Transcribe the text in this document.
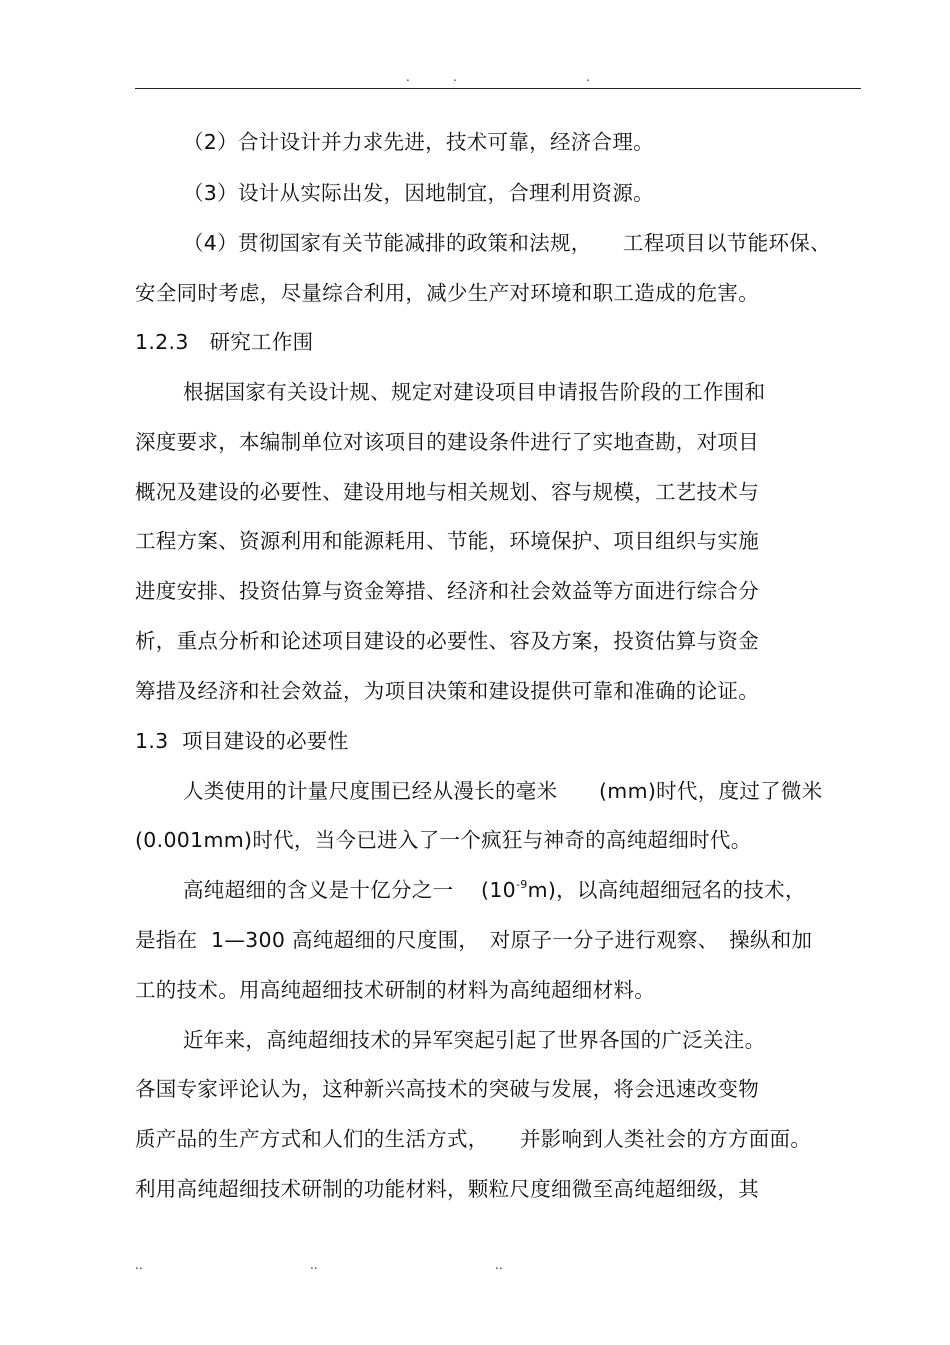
.	.	.
（2）合计设计并力求先进，技术可靠，经济合理。
（3）设计从实际出发，因地制宜，合理利用资源。
（4）贯彻国家有关节能减排的政策和法规，　　工程项目以节能环保、
安全同时考虑，尽量综合利用，减少生产对环境和职工造成的危害。
1.2.3　研究工作围
根据国家有关设计规、规定对建设项目申请报告阶段的工作围和
深度要求，本编制单位对该项目的建设条件进行了实地查勘，对项目
概况及建设的必要性、建设用地与相关规划、容与规模，工艺技术与
工程方案、资源利用和能源耗用、节能，环境保护、项目组织与实施
进度安排、投资估算与资金筹措、经济和社会效益等方面进行综合分
析，重点分析和论述项目建设的必要性、容及方案，投资估算与资金
筹措及经济和社会效益，为项目决策和建设提供可靠和准确的论证。
1.3  项目建设的必要性
人类使用的计量尺度围已经从漫长的毫米　　(mm)时代，度过了微米
(0.001mm)时代，当今已进入了一个疯狂与神奇的高纯超细时代。
高纯超细的含义是十亿分之一　 $(10^{-9}m)$，以高纯超细冠名的技术，
是指在  1—300 高纯超细的尺度围，　对原子一分子进行观察、　操纵和加
工的技术。用高纯超细技术研制的材料为高纯超细材料。
近年来，高纯超细技术的异军突起引起了世界各国的广泛关注。
各国专家评论认为，这种新兴高技术的突破与发展，将会迅速改变物
质产品的生产方式和人们的生活方式，　　并影响到人类社会的方方面面。
利用高纯超细技术研制的功能材料，颗粒尺度细微至高纯超细级，其
..	..	..
